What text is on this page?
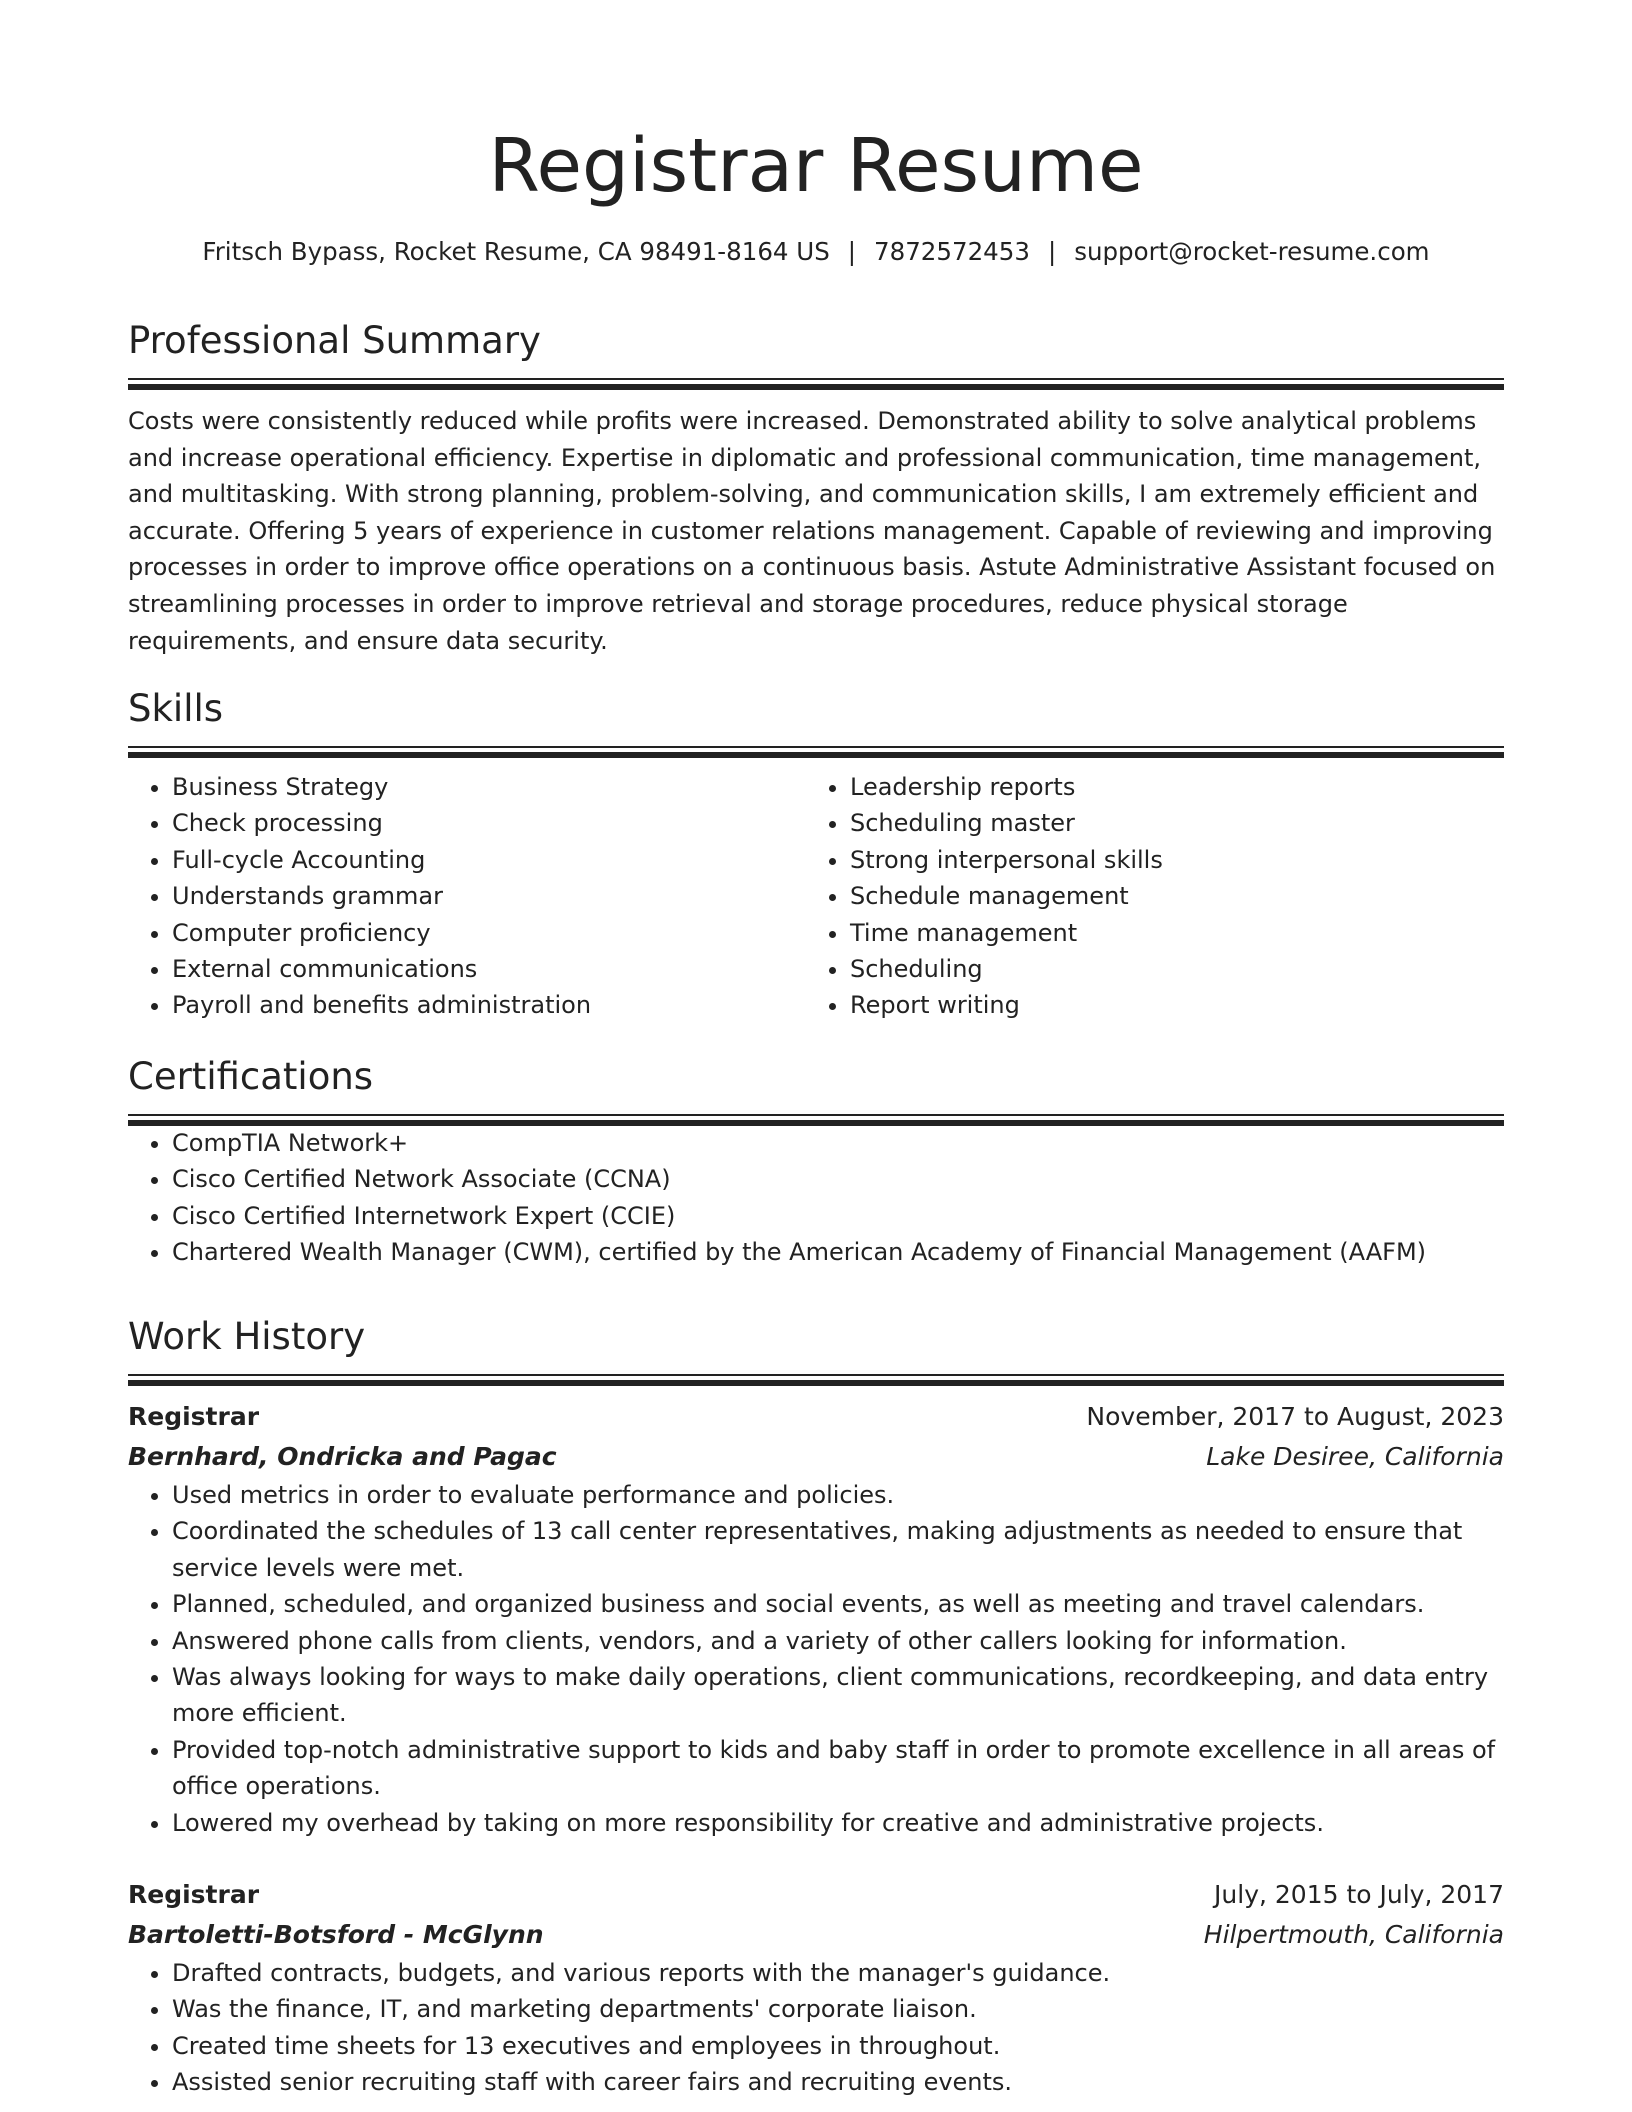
Registrar Resume
Fritsch Bypass, Rocket Resume, CA 98491-8164 US | 7872572453 | support@rocket-resume.com
Professional Summary

Costs were consistently reduced while profits were increased. Demonstrated ability to solve analytical problems and increase operational efficiency. Expertise in diplomatic and professional communication, time management, and multitasking. With strong planning, problem-solving, and communication skills, I am extremely efficient and accurate. Offering 5 years of experience in customer relations management. Capable of reviewing and improving processes in order to improve office operations on a continuous basis. Astute Administrative Assistant focused on streamlining processes in order to improve retrieval and storage procedures, reduce physical storage requirements, and ensure data security.

Skills
• Business Strategy
• Check processing
• Full-cycle Accounting
• Understands grammar
• Computer proficiency
• External communications
• Payroll and benefits administration
• Leadership reports
• Scheduling master
• Strong interpersonal skills
• Schedule management
• Time management
• Scheduling
• Report writing
Certifications
• CompTIA Network+
• Cisco Certified Network Associate (CCNA)
• Cisco Certified Internetwork Expert (CCIE)
• Chartered Wealth Manager (CWM), certified by the American Academy of Financial Management (AAFM)
Work History
Registrar	November, 2017 to August, 2023
Bernhard, Ondricka and Pagac	Lake Desiree, California
• Used metrics in order to evaluate performance and policies.
• Coordinated the schedules of 13 call center representatives, making adjustments as needed to ensure that service levels were met.
• Planned, scheduled, and organized business and social events, as well as meeting and travel calendars.
• Answered phone calls from clients, vendors, and a variety of other callers looking for information.
• Was always looking for ways to make daily operations, client communications, recordkeeping, and data entry more efficient.
• Provided top-notch administrative support to kids and baby staff in order to promote excellence in all areas of office operations.
• Lowered my overhead by taking on more responsibility for creative and administrative projects.
Registrar	July, 2015 to July, 2017
Bartoletti-Botsford - McGlynn	Hilpertmouth, California
• Drafted contracts, budgets, and various reports with the manager's guidance.
• Was the finance, IT, and marketing departments' corporate liaison.
• Created time sheets for 13 executives and employees in throughout.
• Assisted senior recruiting staff with career fairs and recruiting events.
